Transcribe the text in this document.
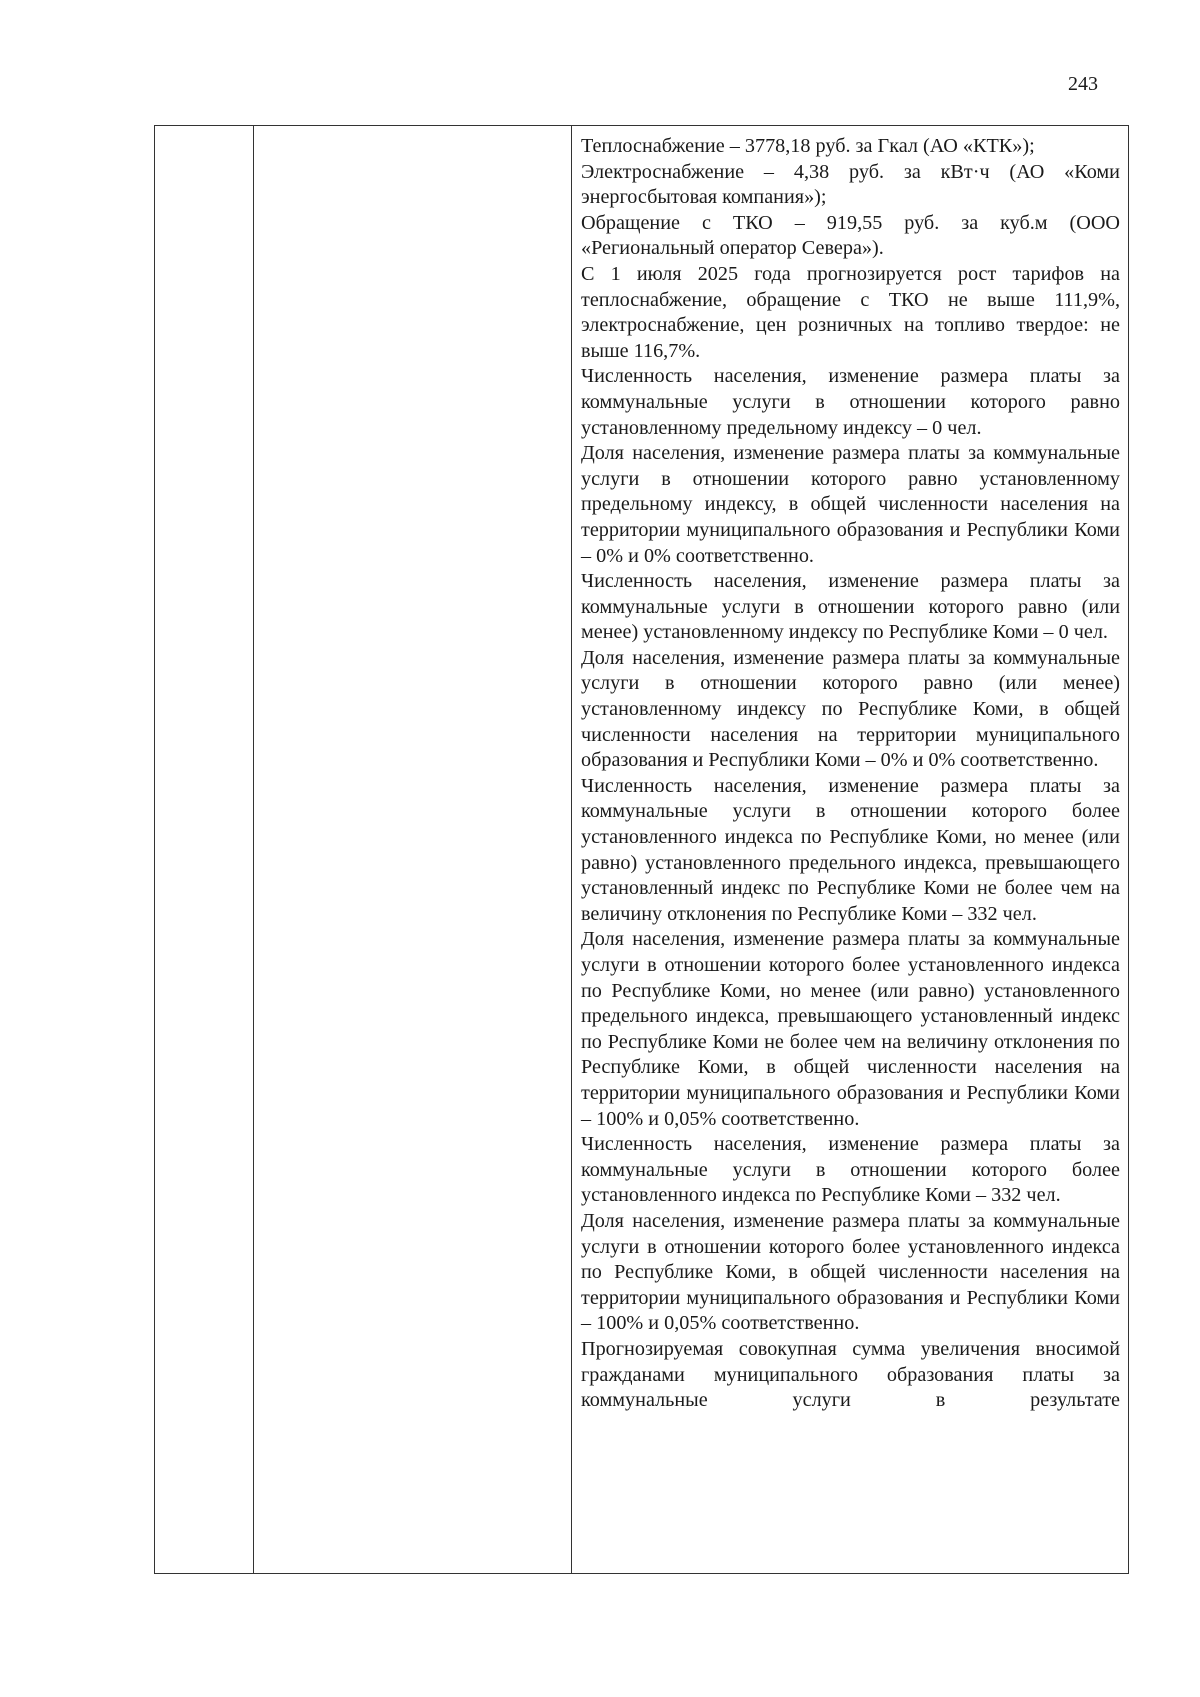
243

Теплоснабжение – 3778,18 руб. за Гкал (АО «КТК»);

Электроснабжение – 4,38 руб. за кВт·ч (АО «Коми энергосбытовая компания»);

Обращение с ТКО – 919,55 руб. за куб.м (ООО «Региональный оператор Севера»).

С 1 июля 2025 года прогнозируется рост тарифов на теплоснабжение, обращение с ТКО не выше 111,9%, электроснабжение, цен розничных на топливо твердое: не выше 116,7%.

Численность населения, изменение размера платы за коммунальные услуги в отношении которого равно установленному предельному индексу – 0 чел.

Доля населения, изменение размера платы за коммунальные услуги в отношении которого равно установленному предельному индексу, в общей численности населения на территории муниципального образования и Республики Коми – 0% и 0% соответственно.

Численность населения, изменение размера платы за коммунальные услуги в отношении которого равно (или менее) установленному индексу по Республике Коми – 0 чел.

Доля населения, изменение размера платы за коммунальные услуги в отношении которого равно (или менее) установленному индексу по Республике Коми, в общей численности населения на территории муниципального образования и Республики Коми – 0% и 0% соответственно.

Численность населения, изменение размера платы за коммунальные услуги в отношении которого более установленного индекса по Республике Коми, но менее (или равно) установленного предельного индекса, превышающего установленный индекс по Республике Коми не более чем на величину отклонения по Республике Коми – 332 чел.

Доля населения, изменение размера платы за коммунальные услуги в отношении которого более установленного индекса по Республике Коми, но менее (или равно) установленного предельного индекса, превышающего установленный индекс по Республике Коми не более чем на величину отклонения по Республике Коми, в общей численности населения на территории муниципального образования и Республики Коми – 100% и 0,05% соответственно.

Численность населения, изменение размера платы за коммунальные услуги в отношении которого более установленного индекса по Республике Коми – 332 чел.

Доля населения, изменение размера платы за коммунальные услуги в отношении которого более установленного индекса по Республике Коми, в общей численности населения на территории муниципального образования и Республики Коми – 100% и 0,05% соответственно.

Прогнозируемая совокупная сумма увеличения вносимой гражданами муниципального образования платы за коммунальные услуги в результате
